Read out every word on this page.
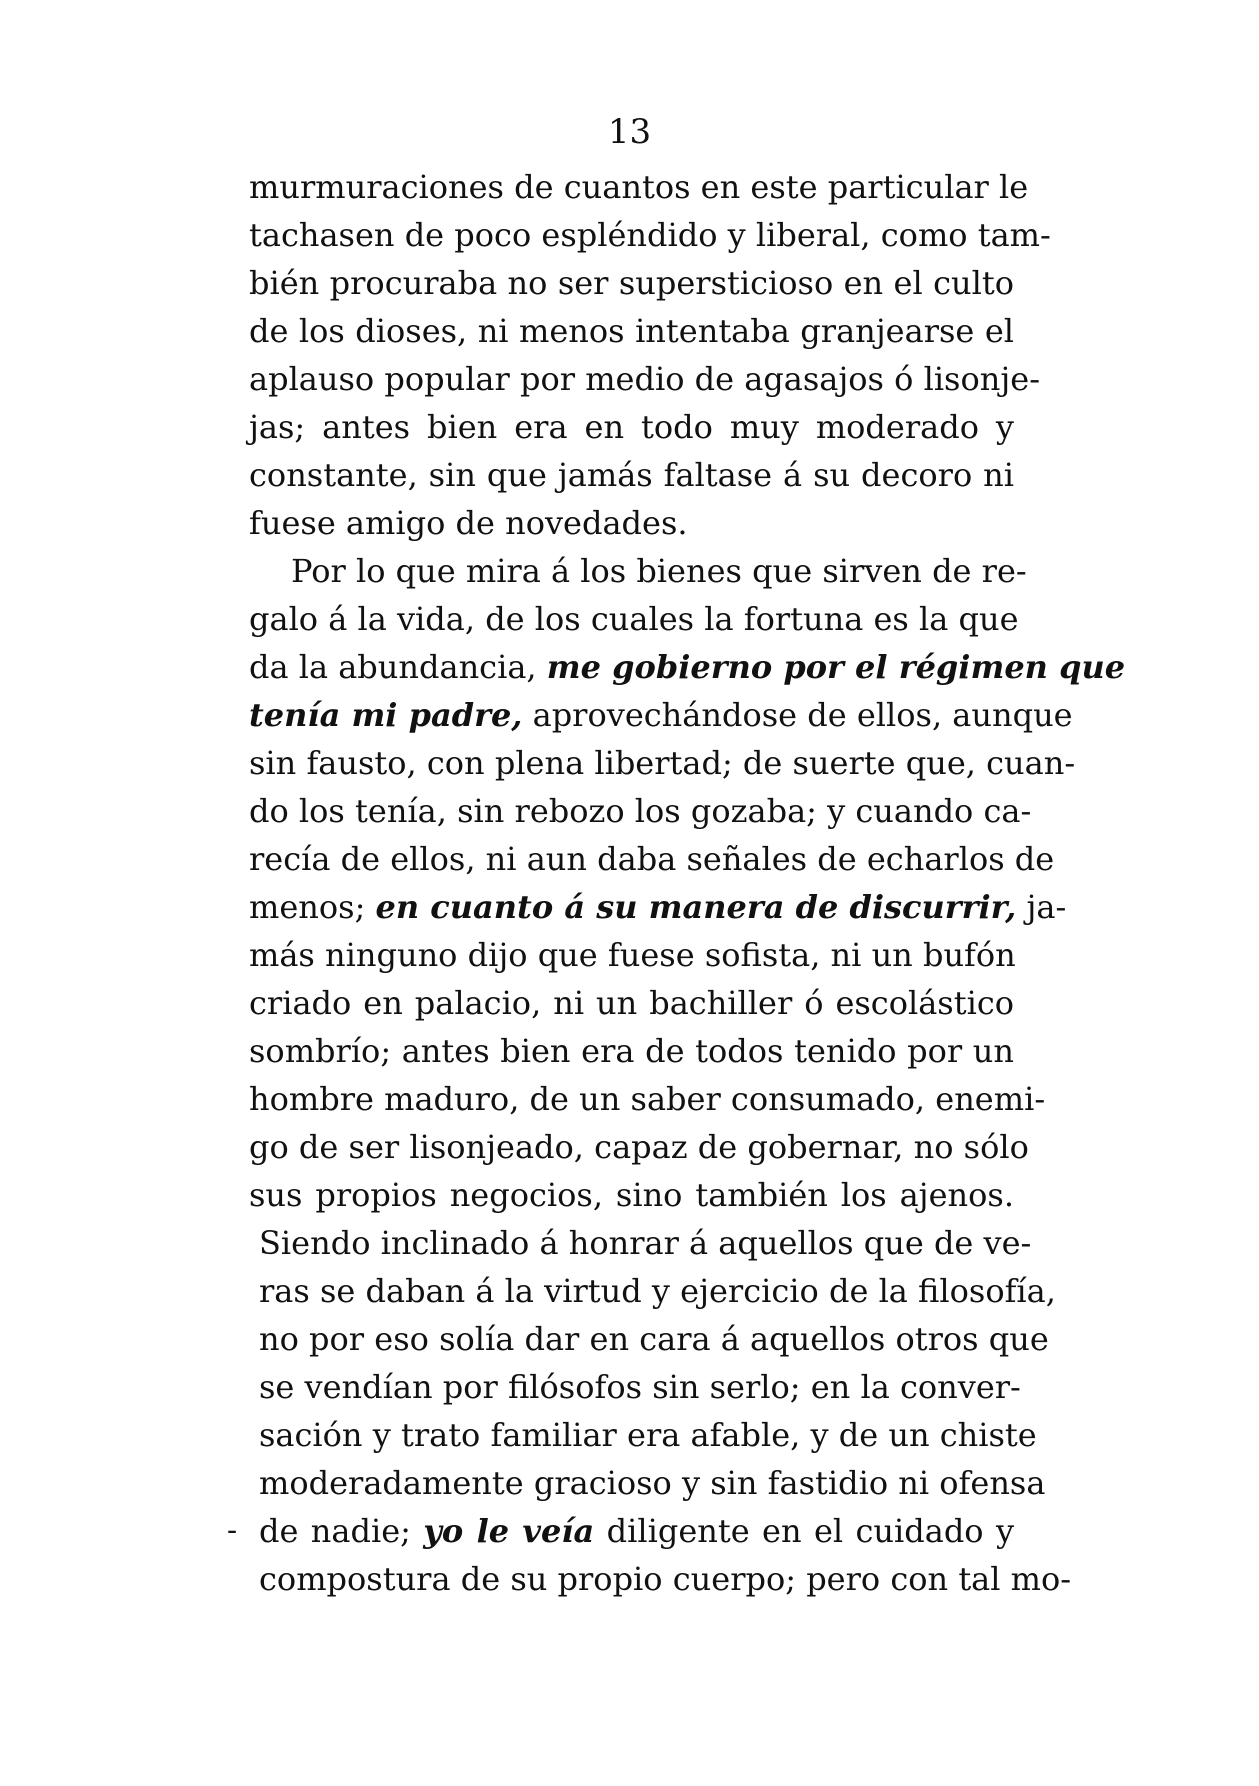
13
murmuraciones de cuantos en este particular le
tachasen de poco espléndido y liberal, como tam-
bién procuraba no ser supersticioso en el culto
de los dioses, ni menos intentaba granjearse el
aplauso popular por medio de agasajos ó lisonje-
jas; antes bien era en todo muy moderado y
constante, sin que jamás faltase á su decoro ni
fuese amigo de novedades.
Por lo que mira á los bienes que sirven de re-
galo á la vida, de los cuales la fortuna es la que
da la abundancia, me gobierno por el régimen que
tenía mi padre, aprovechándose de ellos, aunque
sin fausto, con plena libertad; de suerte que, cuan-
do los tenía, sin rebozo los gozaba; y cuando ca-
recía de ellos, ni aun daba señales de echarlos de
menos; en cuanto á su manera de discurrir, ja-
más ninguno dijo que fuese sofista, ni un bufón
criado en palacio, ni un bachiller ó escolástico
sombrío; antes bien era de todos tenido por un
hombre maduro, de un saber consumado, enemi-
go de ser lisonjeado, capaz de gobernar, no sólo
sus propios negocios, sino también los ajenos.
Siendo inclinado á honrar á aquellos que de ve-
ras se daban á la virtud y ejercicio de la filosofía,
no por eso solía dar en cara á aquellos otros que
se vendían por filósofos sin serlo; en la conver-
sación y trato familiar era afable, y de un chiste
moderadamente gracioso y sin fastidio ni ofensa
- de nadie; yo le veía diligente en el cuidado y
compostura de su propio cuerpo; pero con tal mo-
